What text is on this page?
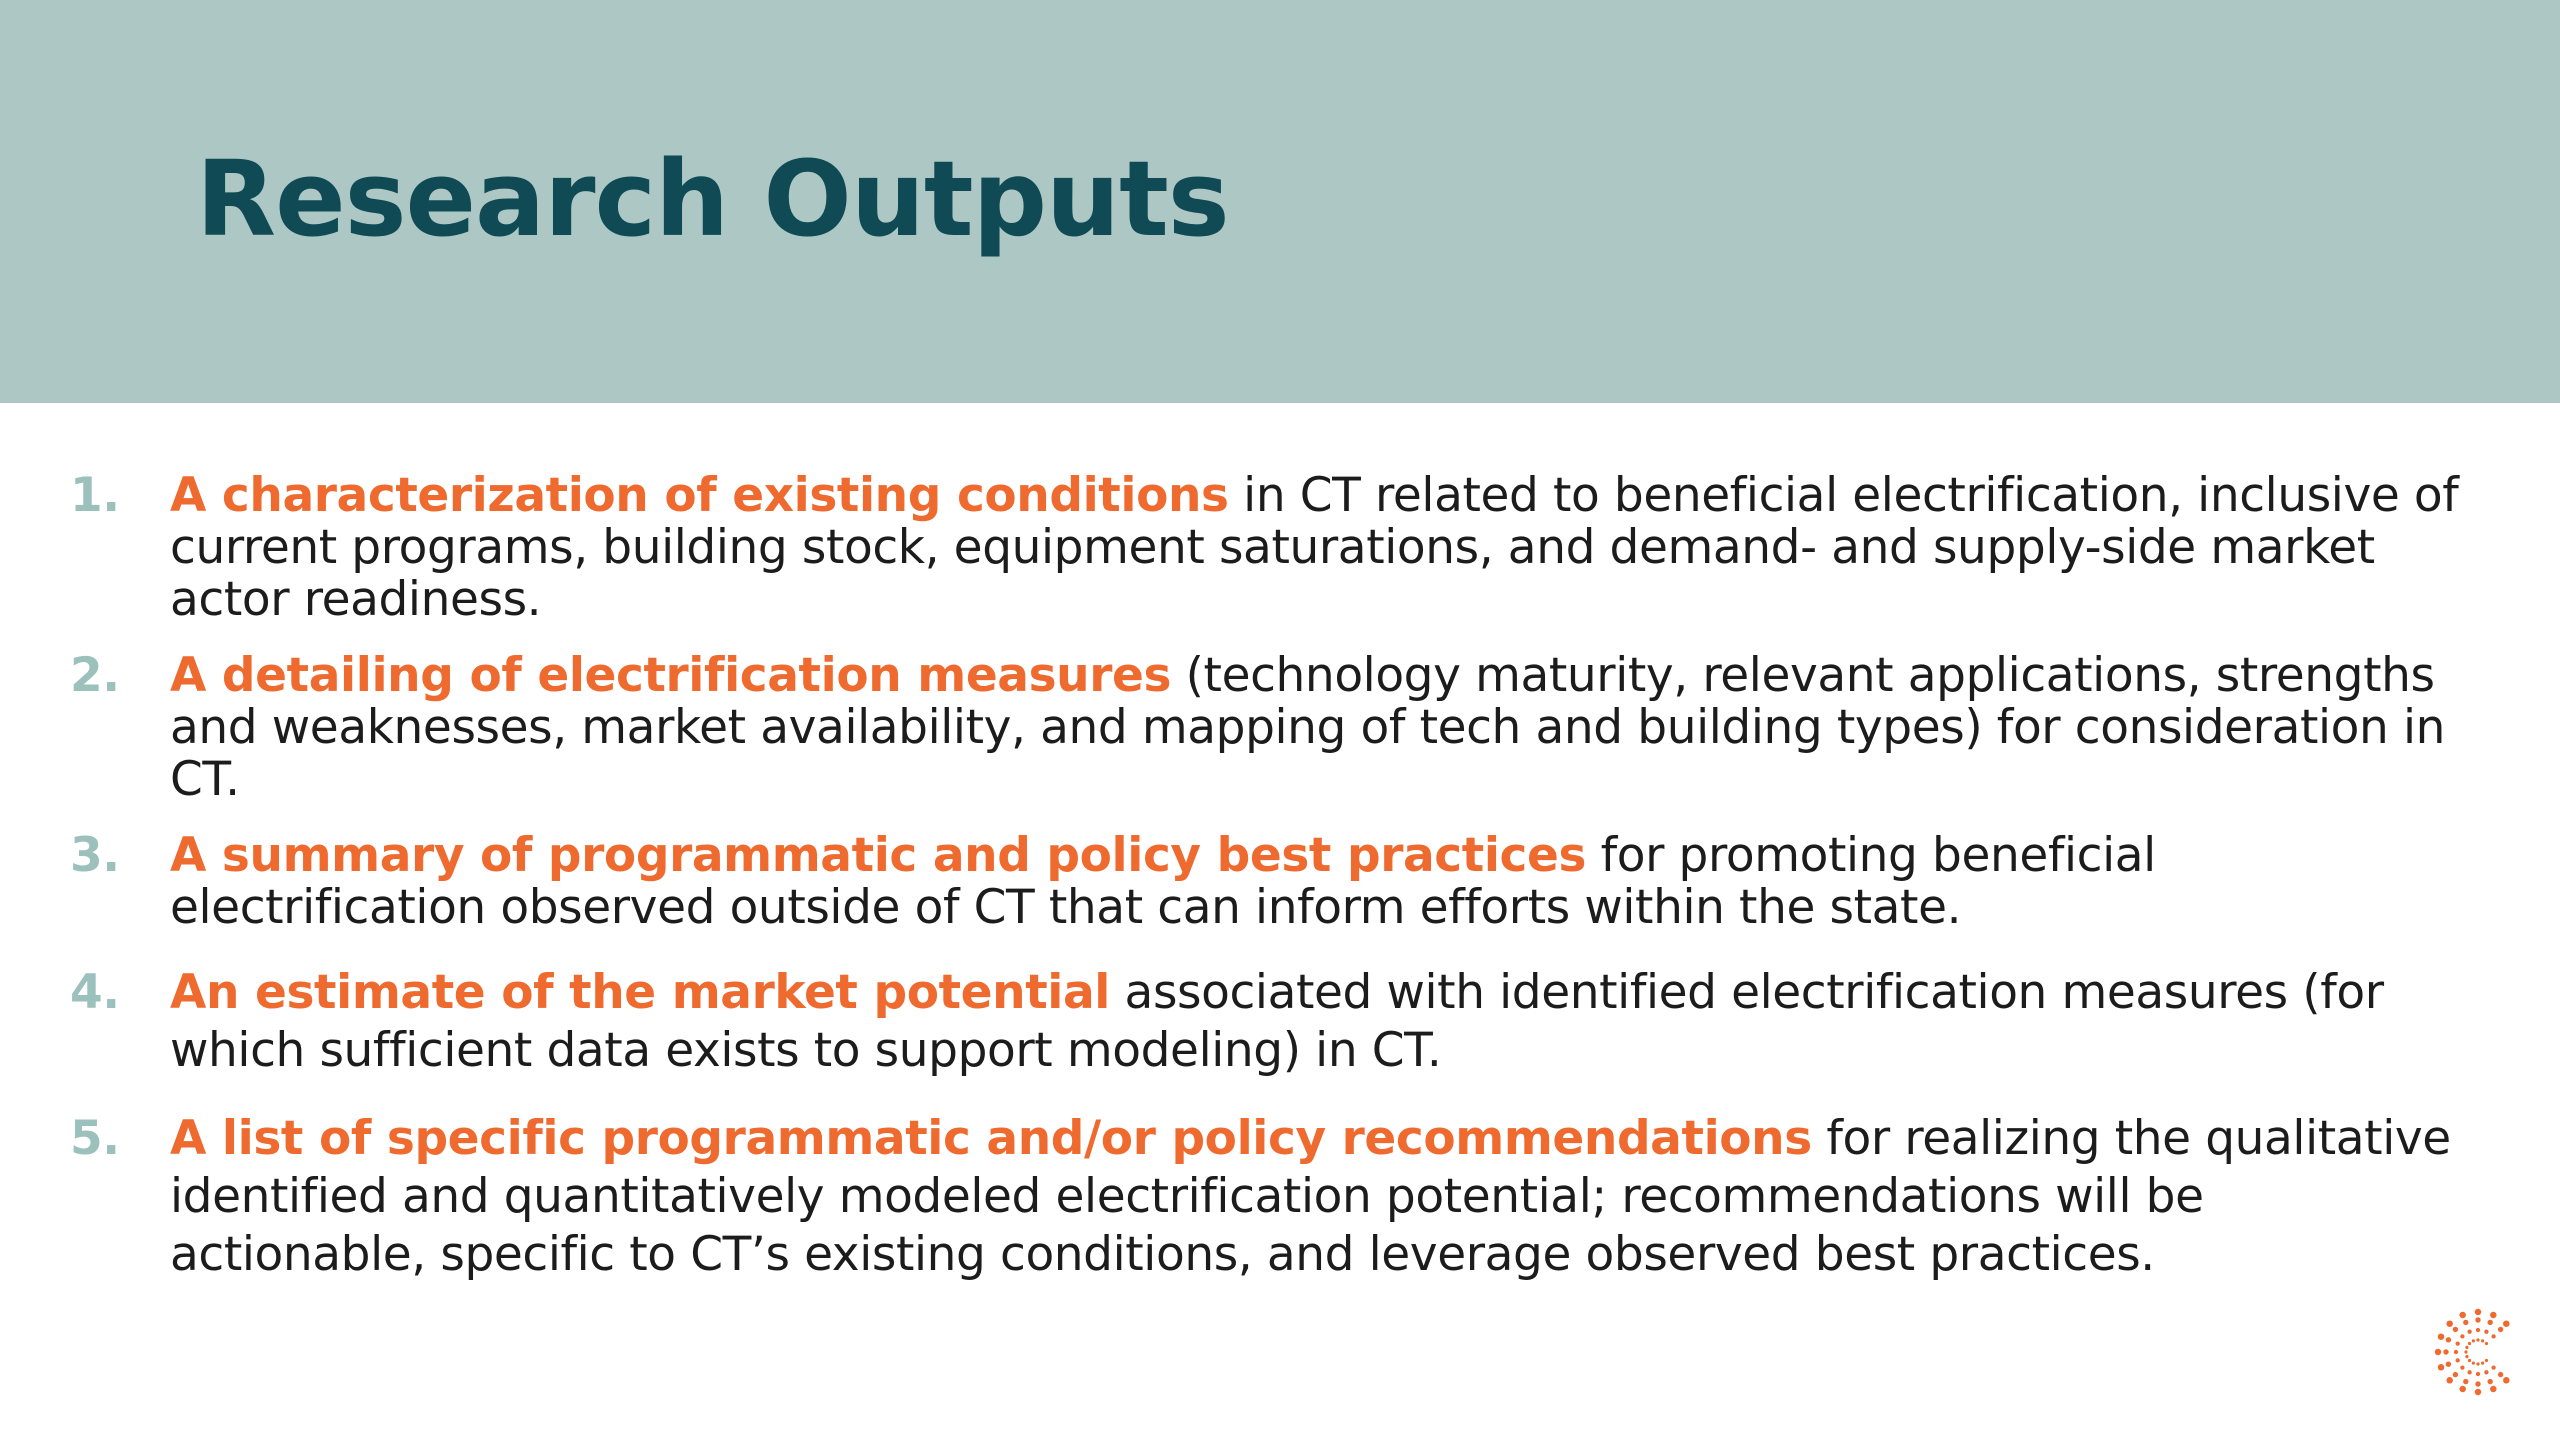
Research Outputs
1.	A characterization of existing conditions in CT related to beneficial electrification, inclusive of current programs, building stock, equipment saturations, and demand- and supply-side market actor readiness.
2.	A detailing of electrification measures (technology maturity, relevant applications, strengths and weaknesses, market availability, and mapping of tech and building types) for consideration in CT.
3.	A summary of programmatic and policy best practices for promoting beneficial electrification observed outside of CT that can inform efforts within the state.
4.	An estimate of the market potential associated with identified electrification measures (for which sufficient data exists to support modeling) in CT.
5.	A list of specific programmatic and/or policy recommendations for realizing the qualitative identified and quantitatively modeled electrification potential; recommendations will be actionable, specific to CT’s existing conditions, and leverage observed best practices.
